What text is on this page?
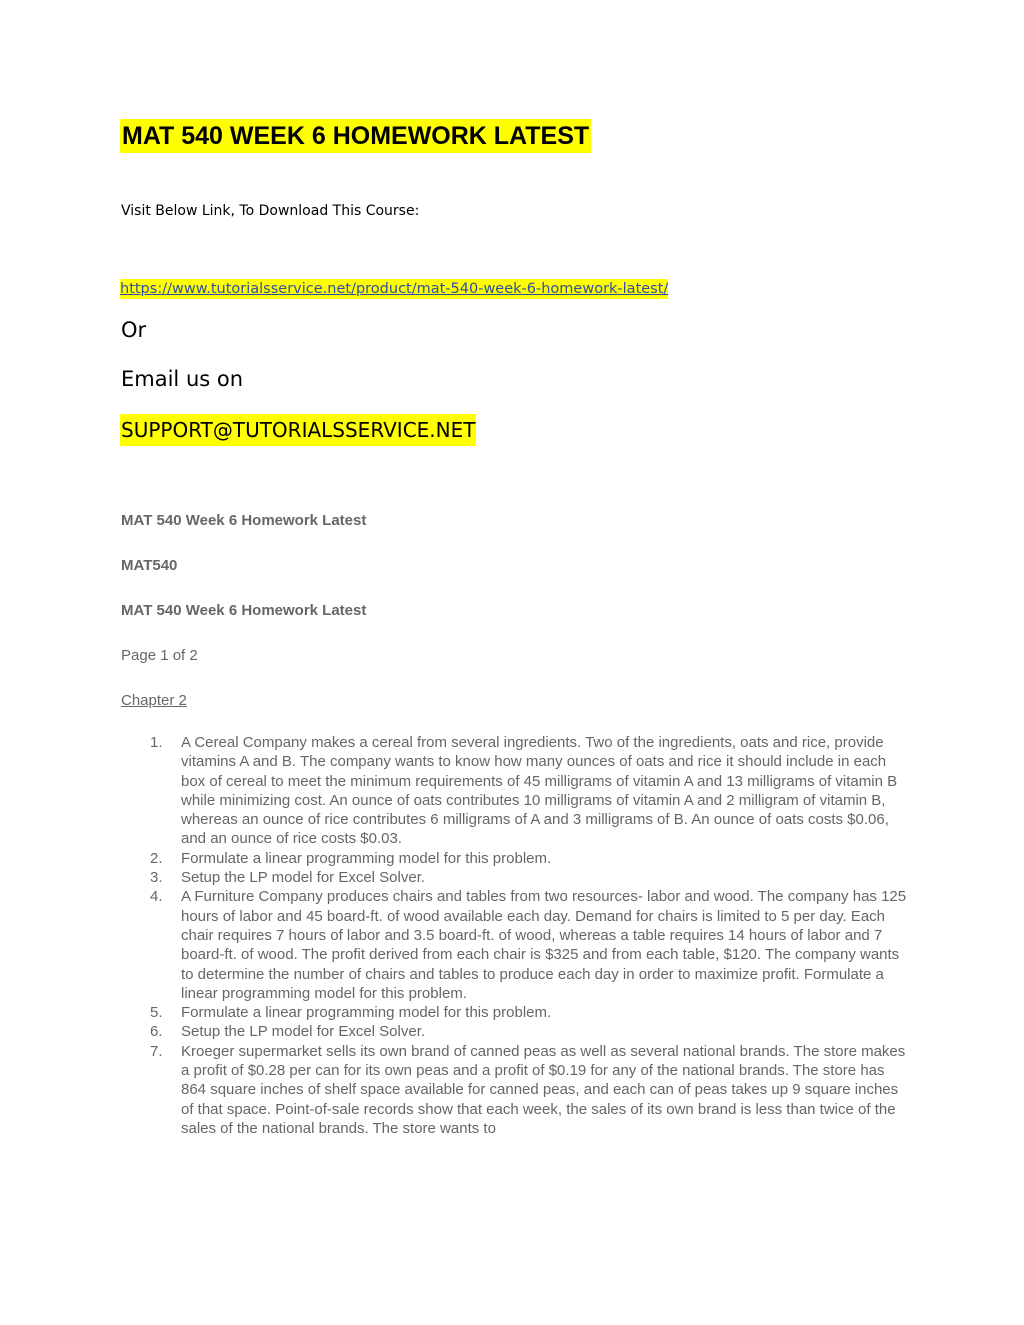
MAT 540 WEEK 6 HOMEWORK LATEST
Visit Below Link, To Download This Course:
https://www.tutorialsservice.net/product/mat-540-week-6-homework-latest/
Or
Email us on
SUPPORT@TUTORIALSSERVICE.NET
MAT 540 Week 6 Homework Latest
MAT540
MAT 540 Week 6 Homework Latest
Page 1 of 2
Chapter 2
1. A Cereal Company makes a cereal from several ingredients. Two of the ingredients, oats and rice, provide vitamins A and B. The company wants to know how many ounces of oats and rice it should include in each box of cereal to meet the minimum requirements of 45 milligrams of vitamin A and 13 milligrams of vitamin B while minimizing cost. An ounce of oats contributes 10 milligrams of vitamin A and 2 milligram of vitamin B, whereas an ounce of rice contributes 6 milligrams of A and 3 milligrams of B. An ounce of oats costs $0.06, and an ounce of rice costs $0.03.
2. Formulate a linear programming model for this problem.
3. Setup the LP model for Excel Solver.
4. A Furniture Company produces chairs and tables from two resources- labor and wood. The company has 125 hours of labor and 45 board-ft. of wood available each day. Demand for chairs is limited to 5 per day. Each chair requires 7 hours of labor and 3.5 board-ft. of wood, whereas a table requires 14 hours of labor and 7 board-ft. of wood. The profit derived from each chair is $325 and from each table, $120. The company wants to determine the number of chairs and tables to produce each day in order to maximize profit. Formulate a linear programming model for this problem.
5. Formulate a linear programming model for this problem.
6. Setup the LP model for Excel Solver.
7. Kroeger supermarket sells its own brand of canned peas as well as several national brands. The store makes a profit of $0.28 per can for its own peas and a profit of $0.19 for any of the national brands. The store has 864 square inches of shelf space available for canned peas, and each can of peas takes up 9 square inches of that space. Point-of-sale records show that each week, the sales of its own brand is less than twice of the sales of the national brands. The store wants to
